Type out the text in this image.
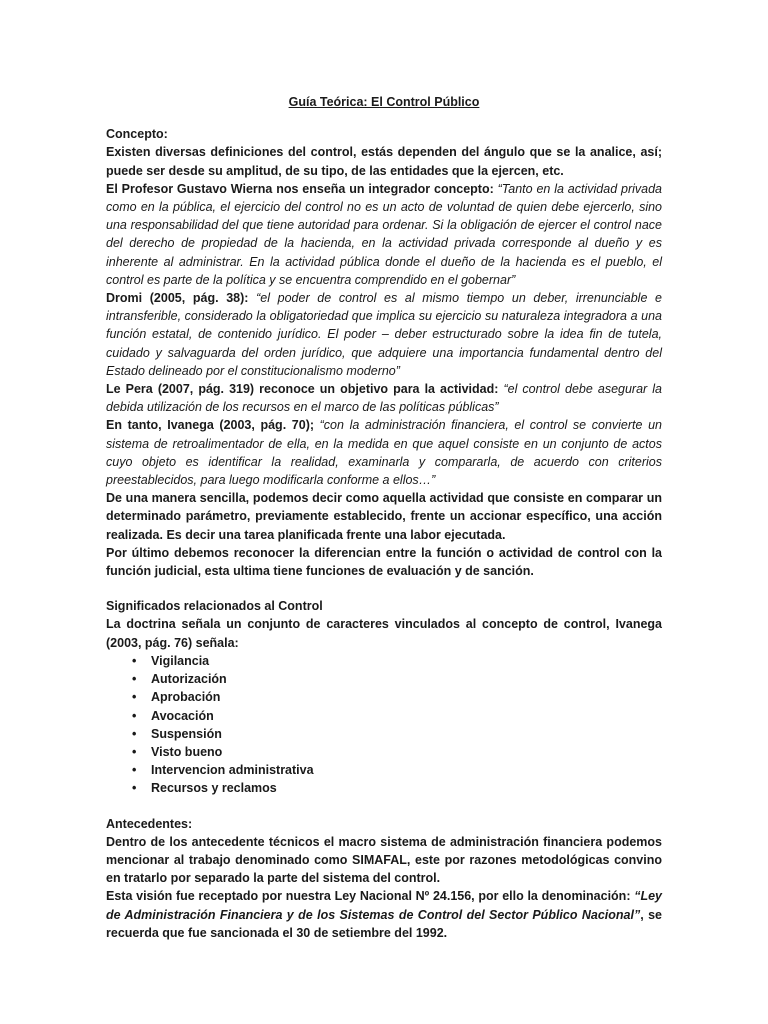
Guía Teórica: El Control Público

Concepto:

Existen diversas definiciones del control, estás dependen del ángulo que se la analice, así; puede ser desde su amplitud, de su tipo, de las entidades que la ejercen, etc.

El Profesor Gustavo Wierna nos enseña un integrador concepto: “Tanto en la actividad privada como en la pública, el ejercicio del control no es un acto de voluntad de quien debe ejercerlo, sino una responsabilidad del que tiene autoridad para ordenar. Si la obligación de ejercer el control nace del derecho de propiedad de la hacienda, en la actividad privada corresponde al dueño y es inherente al administrar. En la actividad pública donde el dueño de la hacienda es el pueblo, el control es parte de la política y se encuentra comprendido en el gobernar”

Dromi (2005, pág. 38): “el poder de control es al mismo tiempo un deber, irrenunciable e intransferible, considerado la obligatoriedad que implica su ejercicio su naturaleza integradora a una función estatal, de contenido jurídico. El poder – deber estructurado sobre la idea fin de tutela, cuidado y salvaguarda del orden jurídico, que adquiere una importancia fundamental dentro del Estado delineado por el constitucionalismo moderno”

Le Pera (2007, pág. 319) reconoce un objetivo para la actividad: “el control debe asegurar la debida utilización de los recursos en el marco de las políticas públicas”

En tanto, Ivanega (2003, pág. 70); “con la administración financiera, el control se convierte un sistema de retroalimentador de ella, en la medida en que aquel consiste en un conjunto de actos cuyo objeto es identificar la realidad, examinarla y compararla, de acuerdo con criterios preestablecidos, para luego modificarla conforme a ellos…”

De una manera sencilla, podemos decir como aquella actividad que consiste en comparar un determinado parámetro, previamente establecido, frente un accionar específico, una acción realizada. Es decir una tarea planificada frente una labor ejecutada.

Por último debemos reconocer la diferencian entre la función o actividad de control con la función judicial, esta ultima tiene funciones de evaluación y de sanción.

Significados relacionados al Control

La doctrina señala un conjunto de caracteres vinculados al concepto de control, Ivanega (2003, pág. 76) señala:

• Vigilancia
• Autorización
• Aprobación
• Avocación
• Suspensión
• Visto bueno
• Intervencion administrativa
• Recursos y reclamos

Antecedentes:

Dentro de los antecedente técnicos el macro sistema de administración financiera podemos mencionar al trabajo denominado como SIMAFAL, este por razones metodológicas convino en tratarlo por separado la parte del sistema del control.

Esta visión fue receptado por nuestra Ley Nacional Nº 24.156, por ello la denominación: “Ley de Administración Financiera y de los Sistemas de Control del Sector Público Nacional”, se recuerda que fue sancionada el 30 de setiembre del 1992.
